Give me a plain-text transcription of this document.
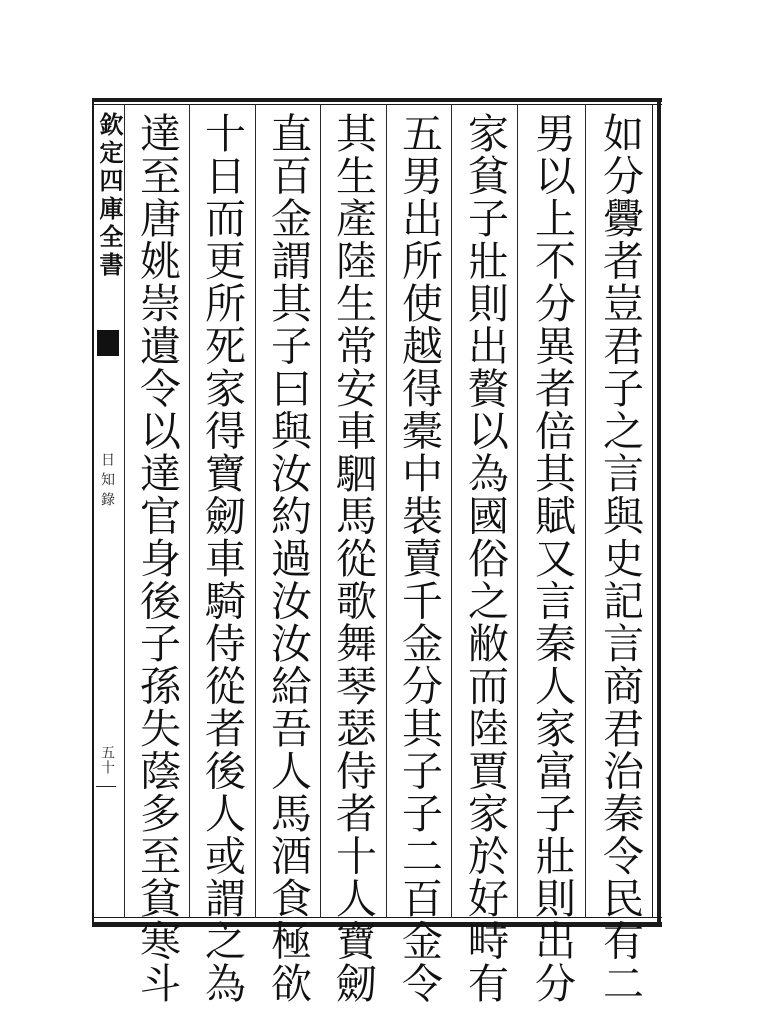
欽定四庫全書
日知錄
五十	如分釁者豈君子之言與史記言商君治秦令民有二
男以上不分異者倍其賦又言秦人家富子壯則出分
家貧子壯則出贅以為國俗之敝而陸賈家於好畤有
五男出所使越得橐中裝賣千金分其子子二百金令
其生產陸生常安車駟馬從歌舞琴瑟侍者十人寶劒
直百金謂其子曰與汝約過汝汝給吾人馬酒食極欲
十日而更所死家得寶劒車騎侍從者後人或謂之為
達至唐姚崇遺令以達官身後子孫失蔭多至貧寒斗
